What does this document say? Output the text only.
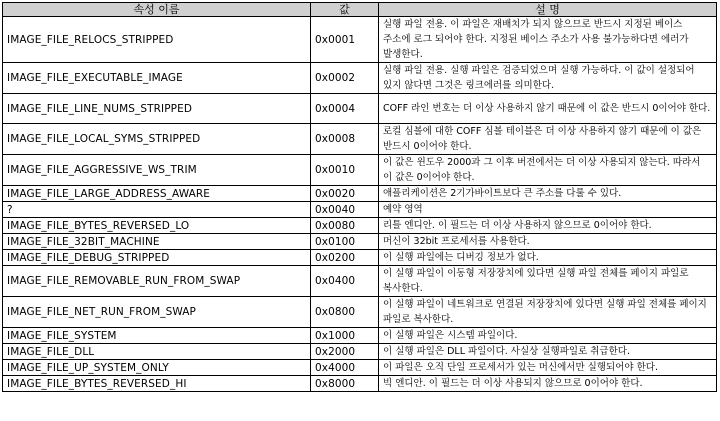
속성 이름	값	설 명
IMAGE_FILE_RELOCS_STRIPPED	0x0001	실행 파일 전용. 이 파일은 재배치가 되지 않으므로 반드시 지정된 베이스 주소에 로그 되어야 한다. 지정된 베이스 주소가 사용 불가능하다면 에러가 발생한다.
IMAGE_FILE_EXECUTABLE_IMAGE	0x0002	실행 파일 전용. 실행 파일은 검증되었으며 실행 가능하다. 이 값이 설정되어 있지 않다면 그것은 링크에러를 의미한다.
IMAGE_FILE_LINE_NUMS_STRIPPED	0x0004	COFF 라인 번호는 더 이상 사용하지 않기 때문에 이 값은 반드시 0이어야 한다.
IMAGE_FILE_LOCAL_SYMS_STRIPPED	0x0008	로컬 심볼에 대한 COFF 심볼 테이블은 더 이상 사용하지 않기 때문에 이 값은 반드시 0이어야 한다.
IMAGE_FILE_AGGRESSIVE_WS_TRIM	0x0010	이 값은 윈도우 2000과 그 이후 버전에서는 더 이상 사용되지 않는다. 따라서 이 값은 0이어야 한다.
IMAGE_FILE_LARGE_ADDRESS_AWARE	0x0020	애플리케이션은 2기가바이트보다 큰 주소를 다룰 수 있다.
?	0x0040	예약 영역
IMAGE_FILE_BYTES_REVERSED_LO	0x0080	리틀 엔디안. 이 필드는 더 이상 사용하지 않으므로 0이어야 한다.
IMAGE_FILE_32BIT_MACHINE	0x0100	머신이 32bit 프로세서를 사용한다.
IMAGE_FILE_DEBUG_STRIPPED	0x0200	이 실행 파일에는 디버깅 정보가 없다.
IMAGE_FILE_REMOVABLE_RUN_FROM_SWAP	0x0400	이 실행 파일이 이동형 저장장치에 있다면 실행 파일 전체를 페이지 파일로 복사한다.
IMAGE_FILE_NET_RUN_FROM_SWAP	0x0800	이 실행 파일이 네트워크로 연결된 저장장치에 있다면 실행 파일 전체를 페이지 파일로 복사한다.
IMAGE_FILE_SYSTEM	0x1000	이 실행 파일은 시스템 파일이다.
IMAGE_FILE_DLL	0x2000	이 실행 파일은 DLL 파일이다. 사실상 실행파일로 취급한다.
IMAGE_FILE_UP_SYSTEM_ONLY	0x4000	이 파일은 오직 단일 프로세서가 있는 머신에서만 실행되어야 한다.
IMAGE_FILE_BYTES_REVERSED_HI	0x8000	빅 엔디안. 이 필드는 더 이상 사용되지 않으므로 0이어야 한다.
